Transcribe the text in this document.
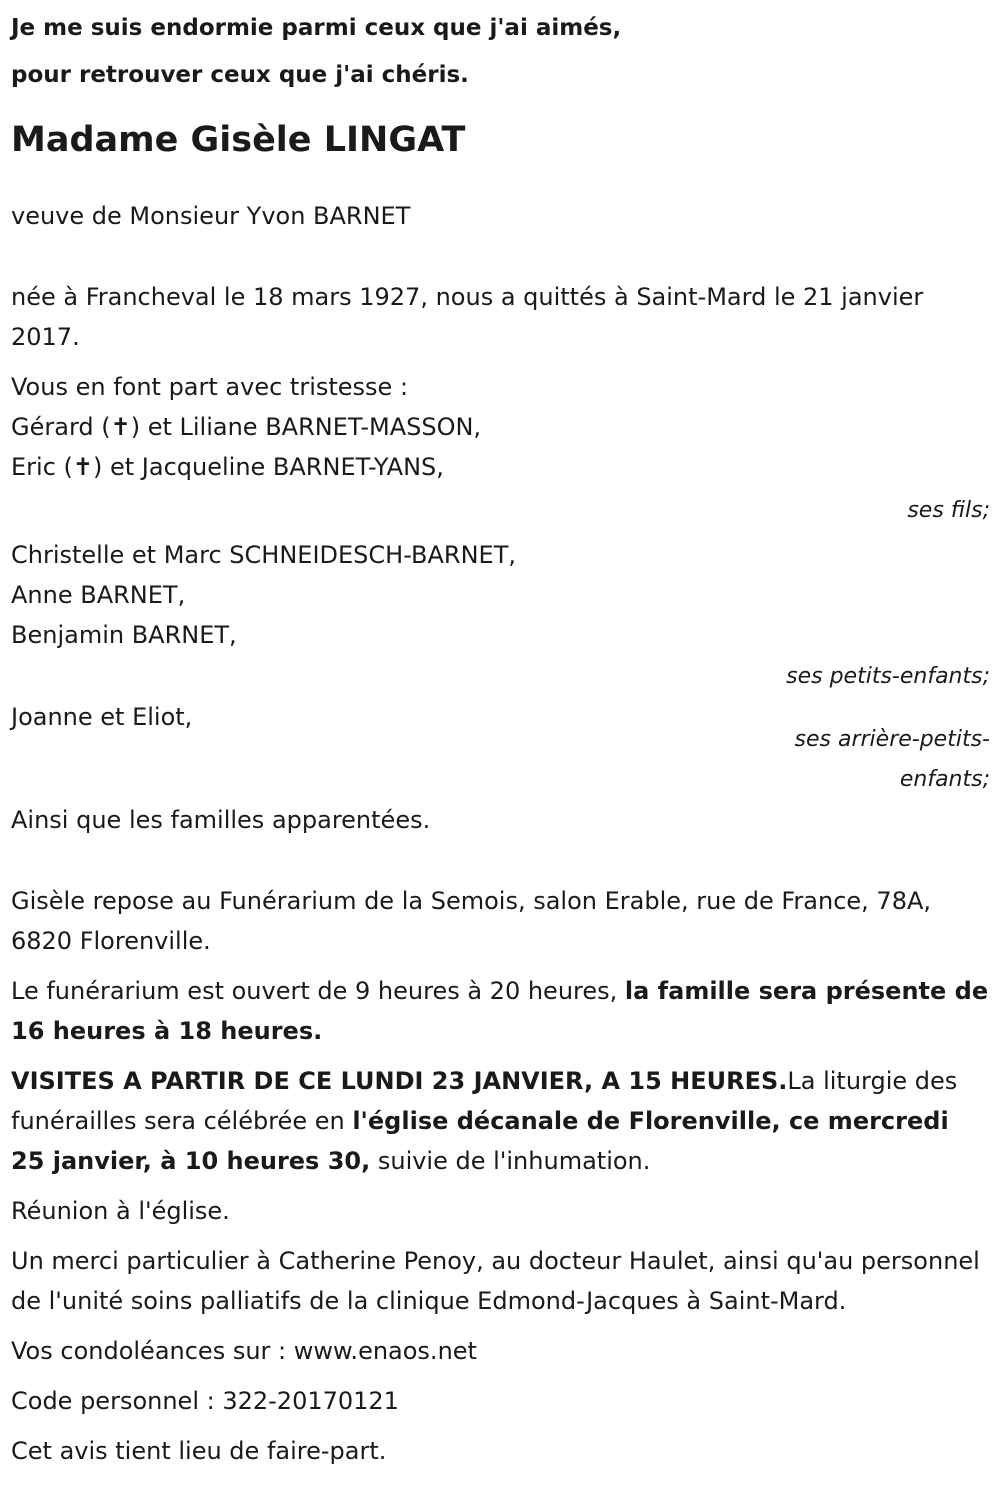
Je me suis endormie parmi ceux que j'ai aimés,

pour retrouver ceux que j'ai chéris.

Madame Gisèle LINGAT

veuve de Monsieur Yvon BARNET

née à Francheval le 18 mars 1927, nous a quittés à Saint-Mard le 21 janvier 2017.

Vous en font part avec tristesse :

Gérard (✝) et Liliane BARNET-MASSON,

Eric (✝) et Jacqueline BARNET-YANS,

ses fils;

Christelle et Marc SCHNEIDESCH-BARNET,

Anne BARNET,

Benjamin BARNET,

ses petits-enfants;

Joanne et Eliot,

ses arrière-petits-

enfants;

Ainsi que les familles apparentées.

Gisèle repose au Funérarium de la Semois, salon Erable, rue de France, 78A, 6820 Florenville.

Le funérarium est ouvert de 9 heures à 20 heures, la famille sera présente de 16 heures à 18 heures.

VISITES A PARTIR DE CE LUNDI 23 JANVIER, A 15 HEURES.La liturgie des funérailles sera célébrée en l'église décanale de Florenville, ce mercredi 25 janvier, à 10 heures 30, suivie de l'inhumation.

Réunion à l'église.

Un merci particulier à Catherine Penoy, au docteur Haulet, ainsi qu'au personnel de l'unité soins palliatifs de la clinique Edmond-Jacques à Saint-Mard.

Vos condoléances sur : www.enaos.net

Code personnel : 322-20170121

Cet avis tient lieu de faire-part.
